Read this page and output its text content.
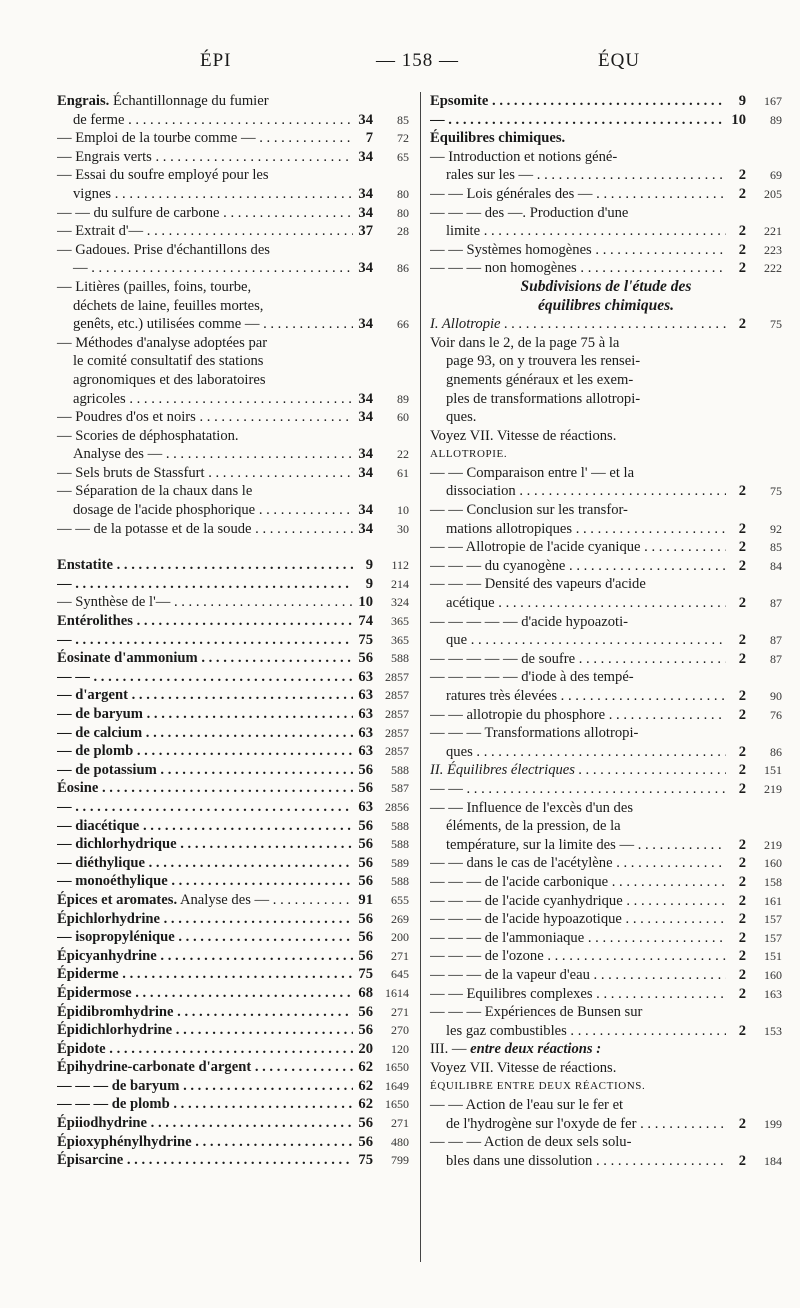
ÉPI	— 158 —	ÉQU
Engrais. Échantillonnage du fumier
de ferme . . .	34	85
— Emploi de la tourbe comme — . . .	7	72
— Engrais verts . . .	34	65
— Essai du soufre employé pour les
vignes . . .	34	80
— — du sulfure de carbone . . .	34	80
— Extrait d'— . . .	37	28
— Gadoues. Prise d'échantillons des
— . . .	34	86
— Litières (pailles, foins, tourbe,
déchets de laine, feuilles mortes,
genêts, etc.) utilisées comme — . . .	34	66
— Méthodes d'analyse adoptées par
le comité consultatif des stations
agronomiques et des laboratoires
agricoles . . .	34	89
— Poudres d'os et noirs . . .	34	60
— Scories de déphosphatation.
Analyse des — . . .	34	22
— Sels bruts de Stassfurt . . .	34	61
— Séparation de la chaux dans le
dosage de l'acide phosphorique . . .	34	10
— — de la potasse et de la soude . . .	34	30
Enstatite . . .	9	112
— . . .	9	214
— Synthèse de l'— . . .	10	324
Entérolithes . . .	74	365
— . . .	75	365
Éosinate d'ammonium . . .	56	588
— — . . .	63	2857
— d'argent . . .	63	2857
— de baryum . . .	63	2857
— de calcium . . .	63	2857
— de plomb . . .	63	2857
— de potassium . . .	56	588
Éosine . . .	56	587
— . . .	63	2856
— diacétique . . .	56	588
— dichlorhydrique . . .	56	588
— diéthylique . . .	56	589
— monoéthylique . . .	56	588
Épices et aromates. Analyse des — . . .	91	655
Épichlorhydrine . . .	56	269
— isopropylénique . . .	56	200
Épicyanhydrine . . .	56	271
Épiderme . . .	75	645
Épidermose . . .	68	1614
Épidibromhydrine . . .	56	271
Épidichlorhydrine . . .	56	270
Épidote . . .	20	120
Épihydrine-carbonate d'argent . . .	62	1650
— — — de baryum . . .	62	1649
— — — de plomb . . .	62	1650
Épiiodhydrine . . .	56	271
Épioxyphénylhydrine . . .	56	480
Épisarcine . . .	75	799
Epsomite . . .	9	167
— . . .	10	89
Équilibres chimiques.
— Introduction et notions géné-
rales sur les — . . .	2	69
— — Lois générales des — . . .	2	205
— — — des —. Production d'une
limite . . .	2	221
— — Systèmes homogènes . . .	2	223
— — — non homogènes . . .	2	222
Subdivisions de l'étude des
équilibres chimiques.
I. Allotropie . . .	2	75
Voir dans le 2, de la page 75 à la
page 93, on y trouvera les rensei-
gnements généraux et les exem-
ples de transformations allotropi-
ques.
Voyez VII. Vitesse de réactions.
ALLOTROPIE.
— — Comparaison entre l' — et la
dissociation . . .	2	75
— — Conclusion sur les transfor-
mations allotropiques . . .	2	92
— — Allotropie de l'acide cyanique . . .	2	85
— — — du cyanogène . . .	2	84
— — — Densité des vapeurs d'acide
acétique . . .	2	87
— — — — — d'acide hypoazoti-
que . . .	2	87
— — — — — de soufre . . .	2	87
— — — — — d'iode à des tempé-
ratures très élevées . . .	2	90
— — allotropie du phosphore . . .	2	76
— — — Transformations allotropi-
ques . . .	2	86
II. Équilibres électriques . . .	2	151
— — . . .	2	219
— — Influence de l'excès d'un des
éléments, de la pression, de la
température, sur la limite des — . . .	2	219
— — dans le cas de l'acétylène . . .	2	160
— — — de l'acide carbonique . . .	2	158
— — — de l'acide cyanhydrique . . .	2	161
— — — de l'acide hypoazotique . . .	2	157
— — — de l'ammoniaque . . .	2	157
— — — de l'ozone . . .	2	151
— — — de la vapeur d'eau . . .	2	160
— — Equilibres complexes . . .	2	163
— — — Expériences de Bunsen sur
les gaz combustibles . . .	2	153
III. — entre deux réactions :
Voyez VII. Vitesse de réactions.
ÉQUILIBRE ENTRE DEUX RÉACTIONS.
— — Action de l'eau sur le fer et
de l'hydrogène sur l'oxyde de fer . . .	2	199
— — — Action de deux sels solu-
bles dans une dissolution . . .	2	184
